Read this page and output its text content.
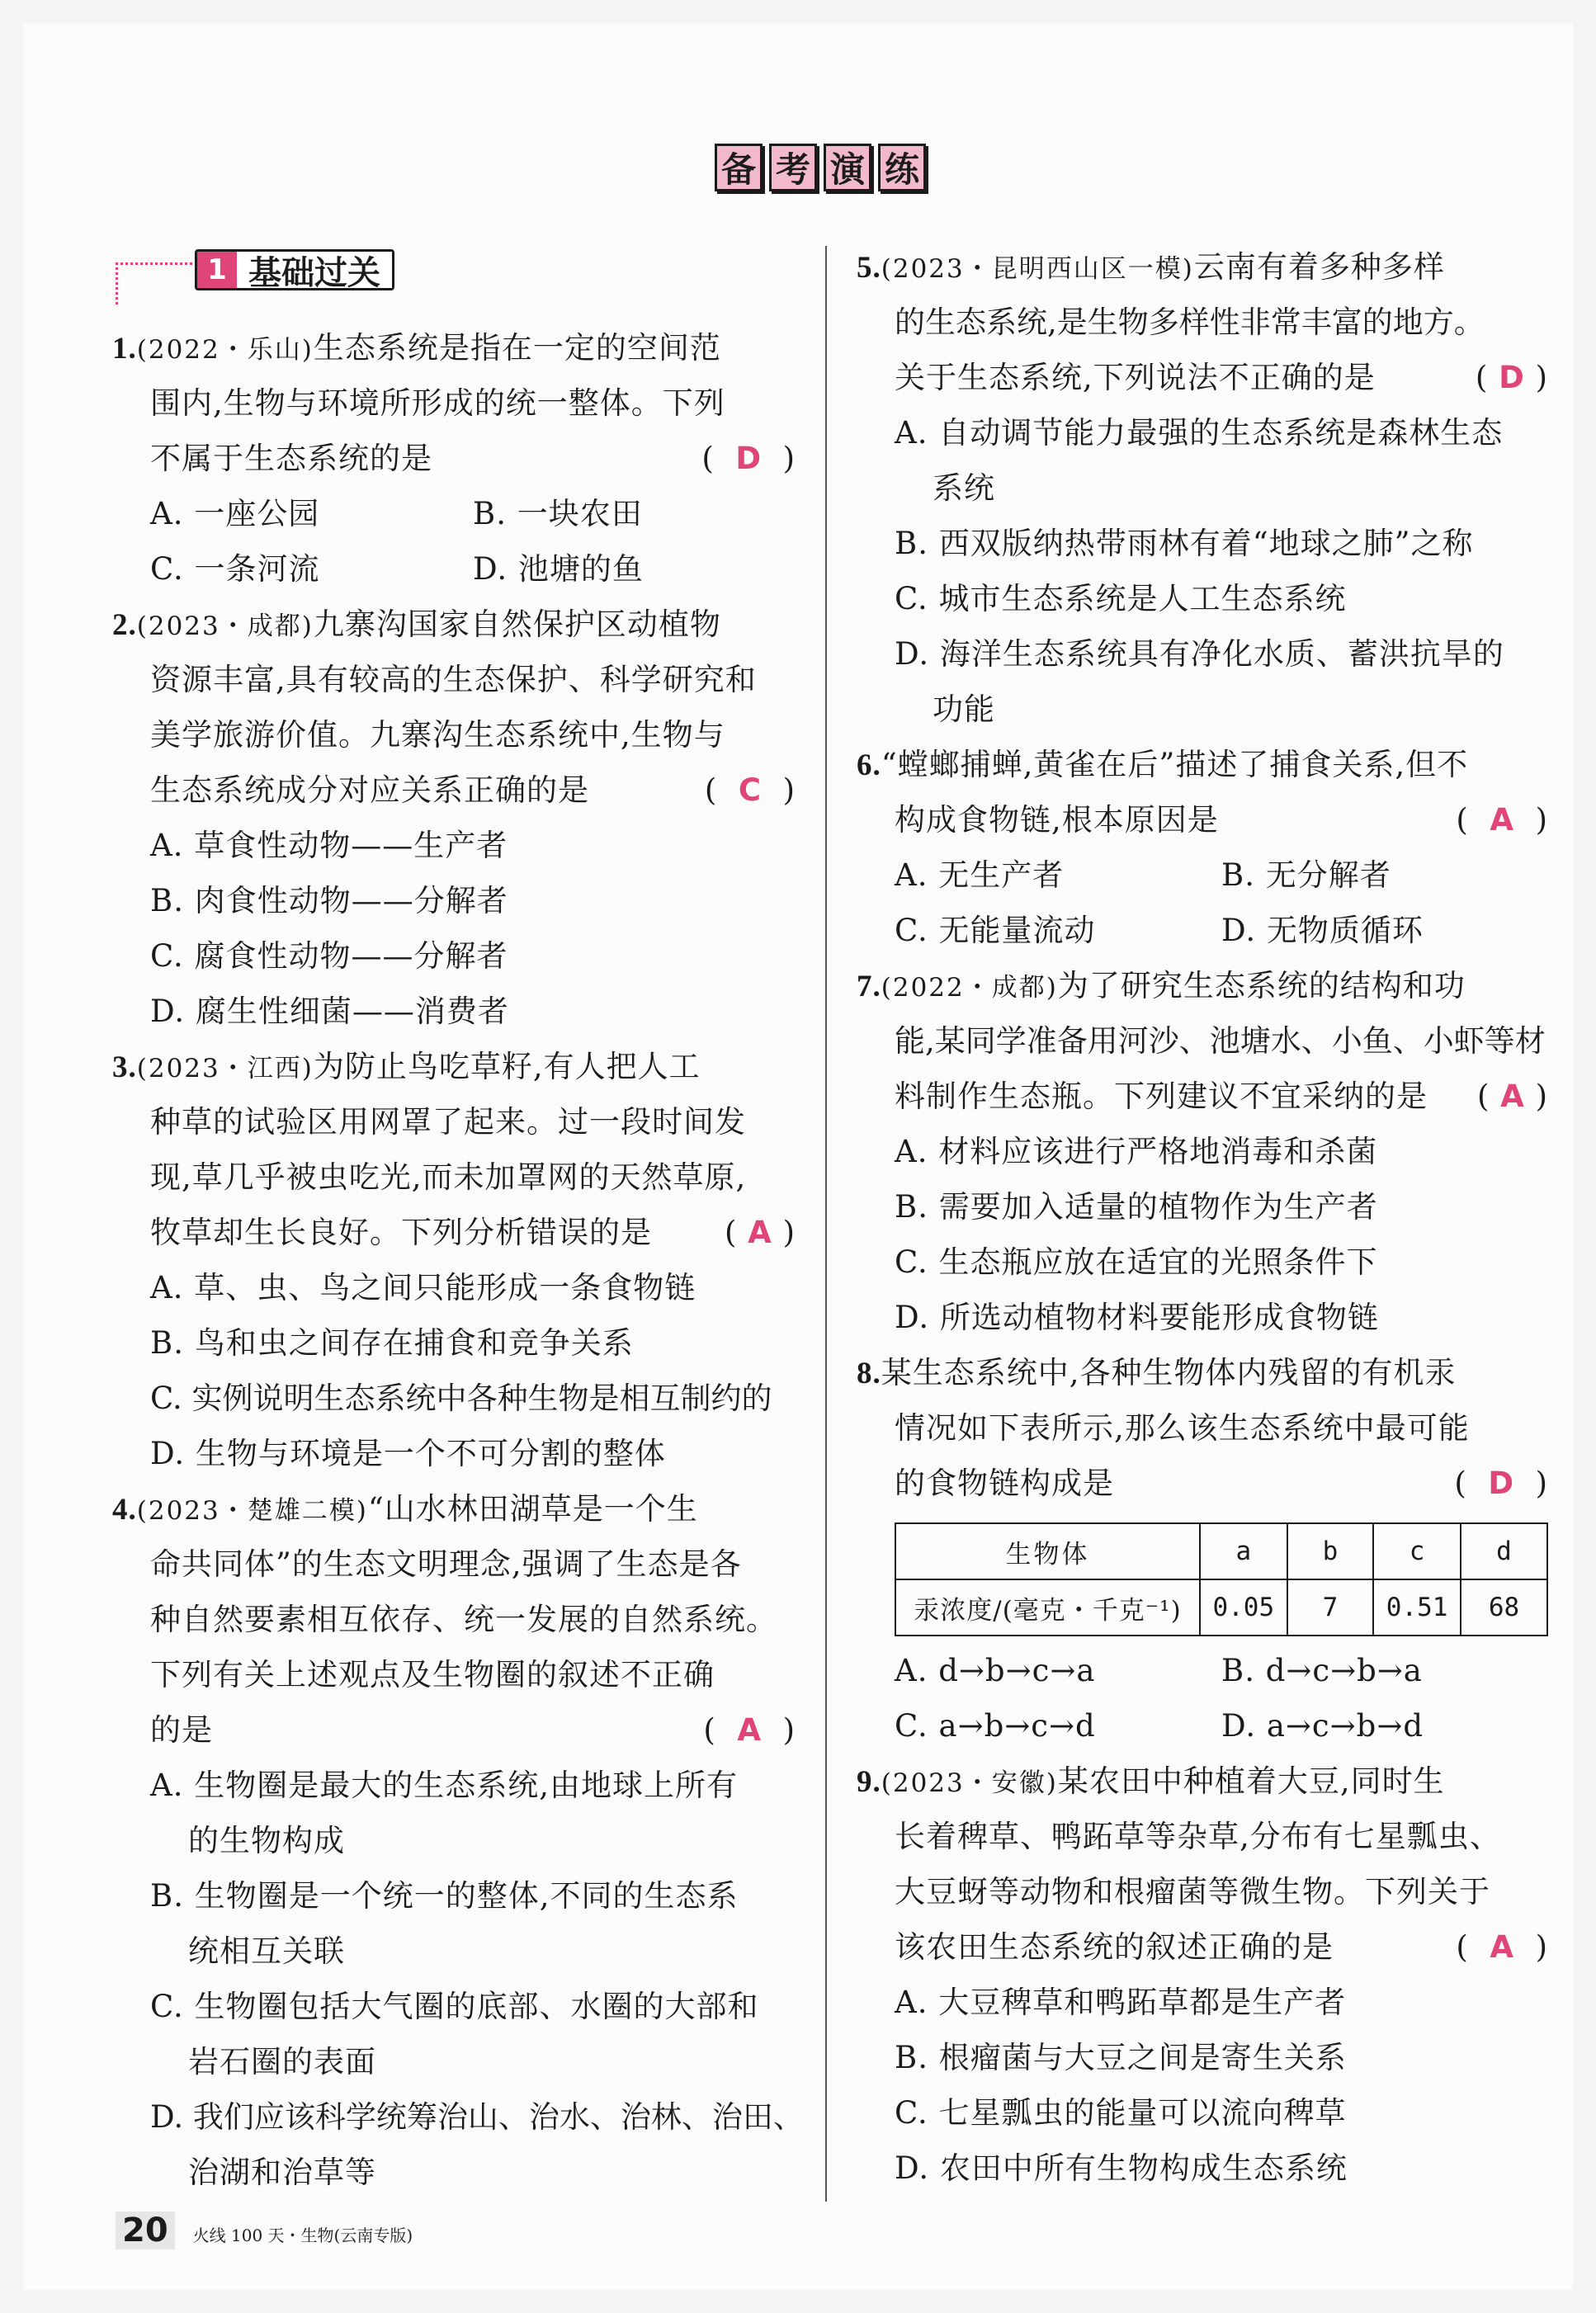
备 考 演 练
1 基础过关
1.(2022・乐山)生态系统是指在一定的空间范
围内,生物与环境所形成的统一整体。下列
不属于生态系统的是	( D )
A. 一座公园	B. 一块农田
C. 一条河流	D. 池塘的鱼
2.(2023・成都)九寨沟国家自然保护区动植物
资源丰富,具有较高的生态保护、科学研究和
美学旅游价值。九寨沟生态系统中,生物与
生态系统成分对应关系正确的是	( C )
A. 草食性动物——生产者
B. 肉食性动物——分解者
C. 腐食性动物——分解者
D. 腐生性细菌——消费者
3.(2023・江西)为防止鸟吃草籽,有人把人工
种草的试验区用网罩了起来。过一段时间发
现,草几乎被虫吃光,而未加罩网的天然草原,
牧草却生长良好。下列分析错误的是 ( A )
A. 草、虫、鸟之间只能形成一条食物链
B. 鸟和虫之间存在捕食和竞争关系
C. 实例说明生态系统中各种生物是相互制约的
D. 生物与环境是一个不可分割的整体
4.(2023・楚雄二模)“山水林田湖草是一个生
命共同体”的生态文明理念,强调了生态是各
种自然要素相互依存、统一发展的自然系统。
下列有关上述观点及生物圈的叙述不正确
的是	( A )
A. 生物圈是最大的生态系统,由地球上所有
的生物构成
B. 生物圈是一个统一的整体,不同的生态系
统相互关联
C. 生物圈包括大气圈的底部、水圈的大部和
岩石圈的表面
D. 我们应该科学统筹治山、治水、治林、治田、
治湖和治草等
5.(2023・昆明西山区一模)云南有着多种多样
的生态系统,是生物多样性非常丰富的地方。
关于生态系统,下列说法不正确的是	( D )
A. 自动调节能力最强的生态系统是森林生态
系统
B. 西双版纳热带雨林有着“地球之肺”之称
C. 城市生态系统是人工生态系统
D. 海洋生态系统具有净化水质、蓄洪抗旱的
功能
6.“螳螂捕蝉,黄雀在后”描述了捕食关系,但不
构成食物链,根本原因是	( A )
A. 无生产者	B. 无分解者
C. 无能量流动	D. 无物质循环
7.(2022・成都)为了研究生态系统的结构和功
能,某同学准备用河沙、池塘水、小鱼、小虾等材
料制作生态瓶。下列建议不宜采纳的是 ( A )
A. 材料应该进行严格地消毒和杀菌
B. 需要加入适量的植物作为生产者
C. 生态瓶应放在适宜的光照条件下
D. 所选动植物材料要能形成食物链
8.某生态系统中,各种生物体内残留的有机汞
情况如下表所示,那么该生态系统中最可能
的食物链构成是	( D )
生物体	a	b	c	d
汞浓度/(毫克・千克⁻¹)	0.05	7	0.51	68
A. d→b→c→a	B. d→c→b→a
C. a→b→c→d	D. a→c→b→d
9.(2023・安徽)某农田中种植着大豆,同时生
长着稗草、鸭跖草等杂草,分布有七星瓢虫、
大豆蚜等动物和根瘤菌等微生物。下列关于
该农田生态系统的叙述正确的是	( A )
A. 大豆稗草和鸭跖草都是生产者
B. 根瘤菌与大豆之间是寄生关系
C. 七星瓢虫的能量可以流向稗草
D. 农田中所有生物构成生态系统
20	火线 100 天・生物(云南专版)
